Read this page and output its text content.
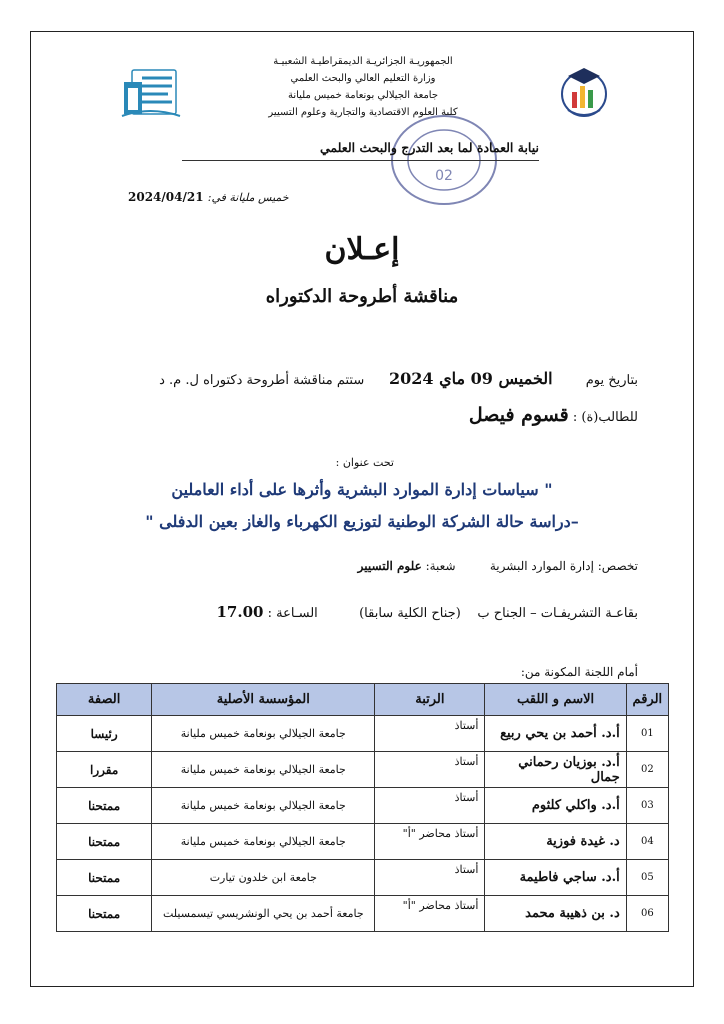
الجمهوريـة الجزائريـة الديمقراطيـة الشعبيـة
وزارة التعليم العالي والبحث العلمي
جامعة الجيلالي بونعامة خميس مليانة
كلية العلوم الاقتصادية والتجارية وعلوم التسيير
02
نيابة العمادة لما بعد التدرج والبحث العلمي
خميس مليانة في: 2024/04/21
إعـلان
مناقشة أطروحة الدكتوراه
بتاريخ يوم        الخميس 09 ماي 2024      ستتم مناقشة أطروحة دكتوراه ل. م. د
للطالب(ة) : قسوم فيصل
تحت عنوان :
" سياسات إدارة الموارد البشرية وأثرها على أداء العاملين
–دراسة حالة الشركة الوطنية لتوزيع الكهرباء والغاز بعين الدفلى "
تخصص: إدارة الموارد البشرية         شعبة: علوم التسيير
بقاعـة التشريفـات – الجناح ب    (جناح الكلية سابقا)          السـاعة : 17.00
أمام اللجنة المكونة من:
الرقم	الاسم و اللقب	الرتبة	المؤسسة الأصلية	الصفة
01	أ.د. أحمد بن يحي ربيع	أستاذ	جامعة الجيلالي بونعامة خميس مليانة	رئيسا
02	أ.د. بوزيان رحماني جمال	أستاذ	جامعة الجيلالي بونعامة خميس مليانة	مقررا
03	أ.د. واكلي كلثوم	أستاذ	جامعة الجيلالي بونعامة خميس مليانة	ممتحنا
04	د. غيدة فوزية	أستاذ محاضر "أ"	جامعة الجيلالي بونعامة خميس مليانة	ممتحنا
05	أ.د. ساجي فاطيمة	أستاذ	جامعة ابن خلدون تيارت	ممتحنا
06	د. بن ذهيبة محمد	أستاذ محاضر "أ"	جامعة أحمد بن يحي الونشريسي تيسمسيلت	ممتحنا
